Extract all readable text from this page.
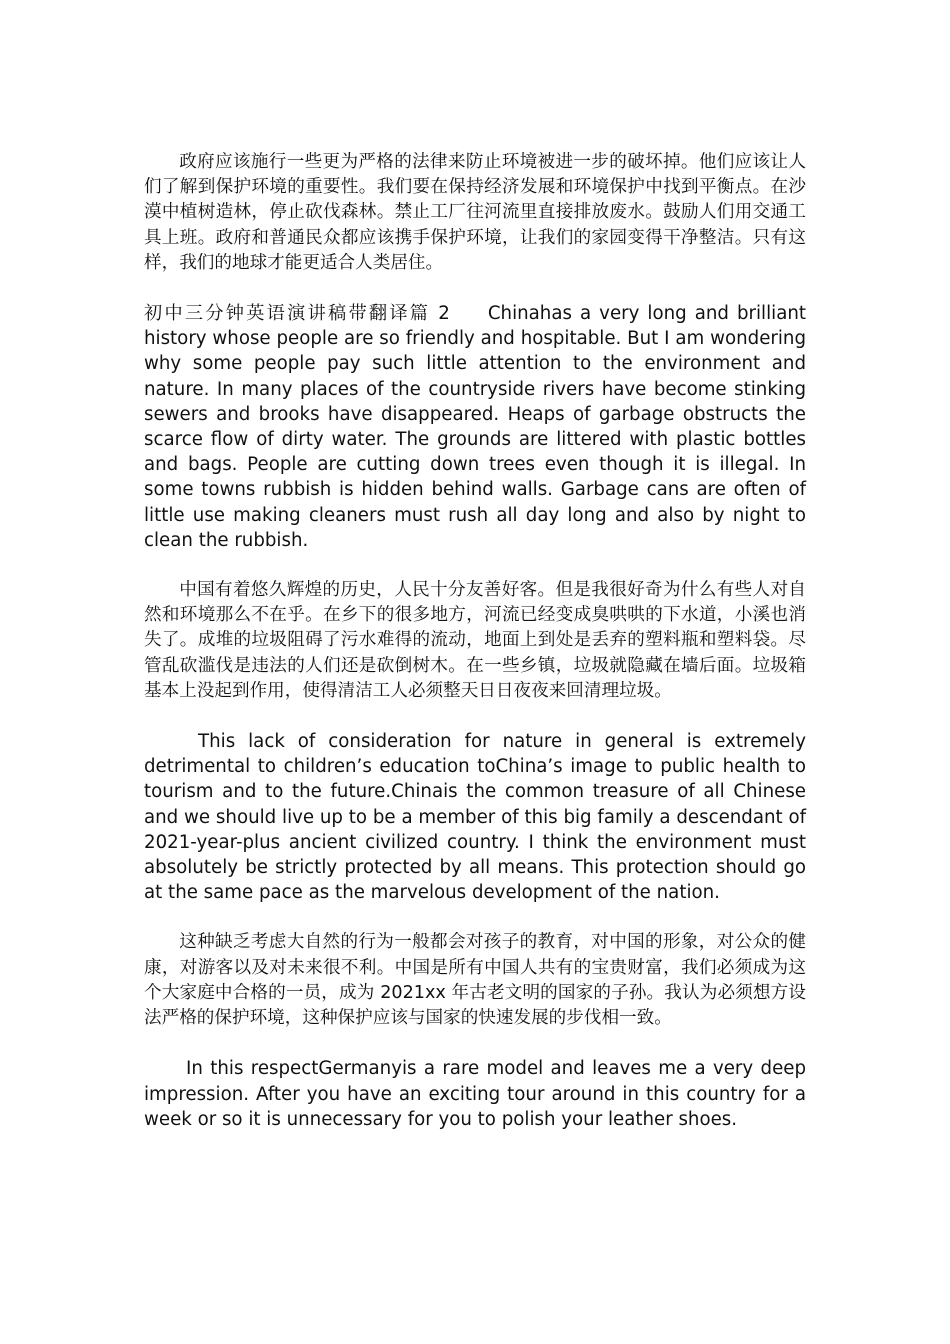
政府应该施行一些更为严格的法律来防止环境被进一步的破坏掉。他们应该让人们了解到保护环境的重要性。我们要在保持经济发展和环境保护中找到平衡点。在沙漠中植树造林，停止砍伐森林。禁止工厂往河流里直接排放废水。鼓励人们用交通工具上班。政府和普通民众都应该携手保护环境，让我们的家园变得干净整洁。只有这样，我们的地球才能更适合人类居住。

初中三分钟英语演讲稿带翻译篇 2 Chinahas a very long and brilliant history whose people are so friendly and hospitable. But I am wondering why some people pay such little attention to the environment and nature. In many places of the countryside rivers have become stinking sewers and brooks have disappeared. Heaps of garbage obstructs the scarce flow of dirty water. The grounds are littered with plastic bottles and bags. People are cutting down trees even though it is illegal. In some towns rubbish is hidden behind walls. Garbage cans are often of little use making cleaners must rush all day long and also by night to clean the rubbish.

中国有着悠久辉煌的历史，人民十分友善好客。但是我很好奇为什么有些人对自然和环境那么不在乎。在乡下的很多地方，河流已经变成臭哄哄的下水道，小溪也消失了。成堆的垃圾阻碍了污水难得的流动，地面上到处是丢弃的塑料瓶和塑料袋。尽管乱砍滥伐是违法的人们还是砍倒树木。在一些乡镇，垃圾就隐藏在墙后面。垃圾箱基本上没起到作用，使得清洁工人必须整天日日夜夜来回清理垃圾。

This lack of consideration for nature in general is extremely detrimental to children’s education toChina’s image to public health to tourism and to the future.Chinais the common treasure of all Chinese and we should live up to be a member of this big family a descendant of 2021-year-plus ancient civilized country. I think the environment must absolutely be strictly protected by all means. This protection should go at the same pace as the marvelous development of the nation.

这种缺乏考虑大自然的行为一般都会对孩子的教育，对中国的形象，对公众的健康，对游客以及对未来很不利。中国是所有中国人共有的宝贵财富，我们必须成为这个大家庭中合格的一员，成为 2021xx 年古老文明的国家的子孙。我认为必须想方设法严格的保护环境，这种保护应该与国家的快速发展的步伐相一致。

In this respectGermanyis a rare model and leaves me a very deep impression. After you have an exciting tour around in this country for a week or so it is unnecessary for you to polish your leather shoes.
